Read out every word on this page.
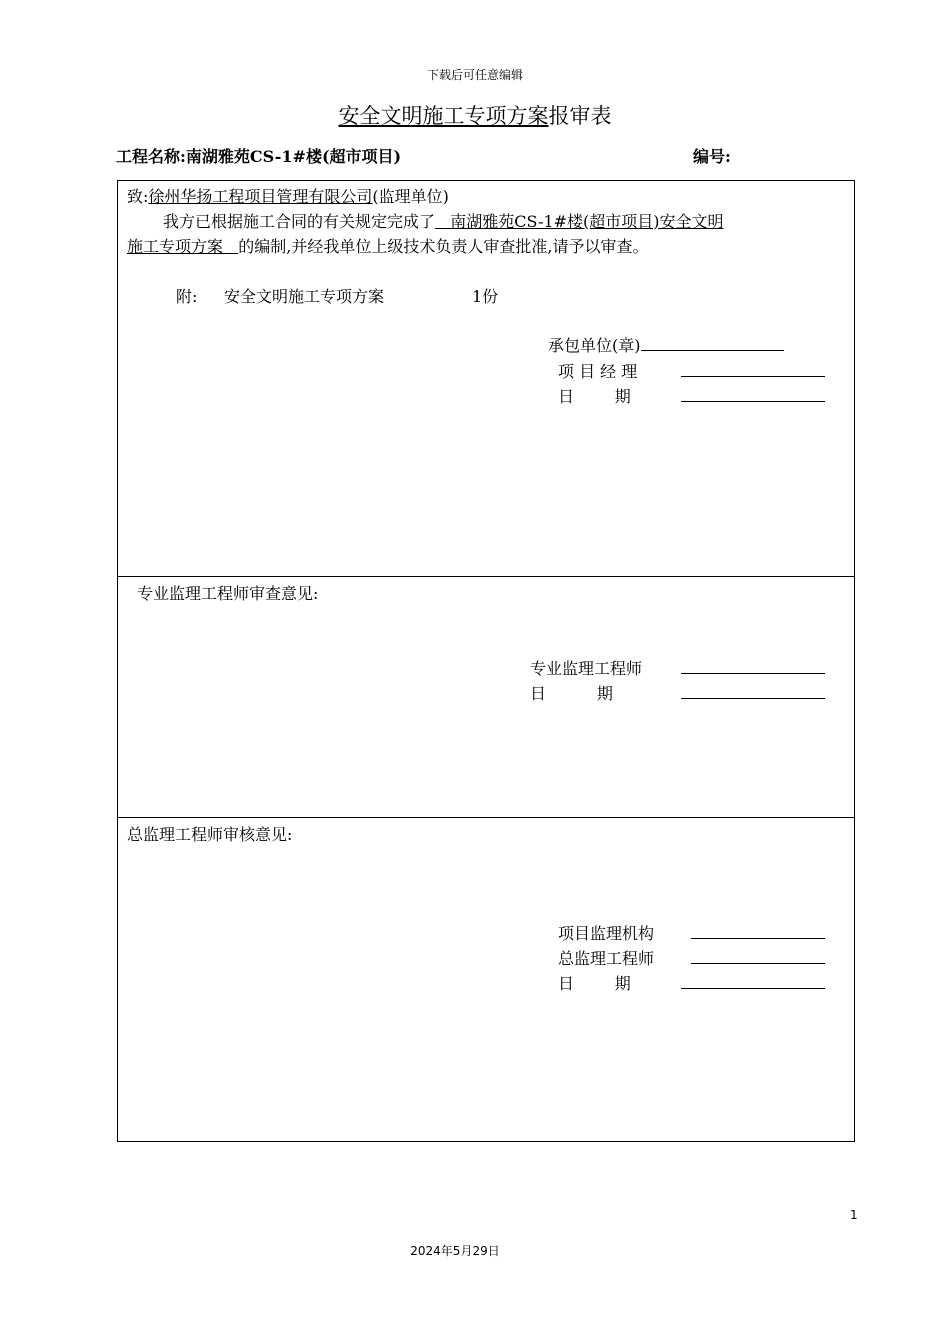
下载后可任意编辑
安全文明施工专项方案报审表
工程名称:南湖雅苑CS-1#楼(超市项目)	编号:
致:徐州华扬工程项目管理有限公司(监理单位)
我方已根据施工合同的有关规定完成了   南湖雅苑CS-1#楼(超市项目)安全文明
施工专项方案   的编制,并经我单位上级技术负责人审查批准,请予以审查。
附: 安全文明施工专项方案	1份
承包单位(章)
项 目 经 理
日        期
专业监理工程师审查意见:
专业监理工程师
日          期
总监理工程师审核意见:
项目监理机构
总监理工程师
日        期
1
2024年5月29日
